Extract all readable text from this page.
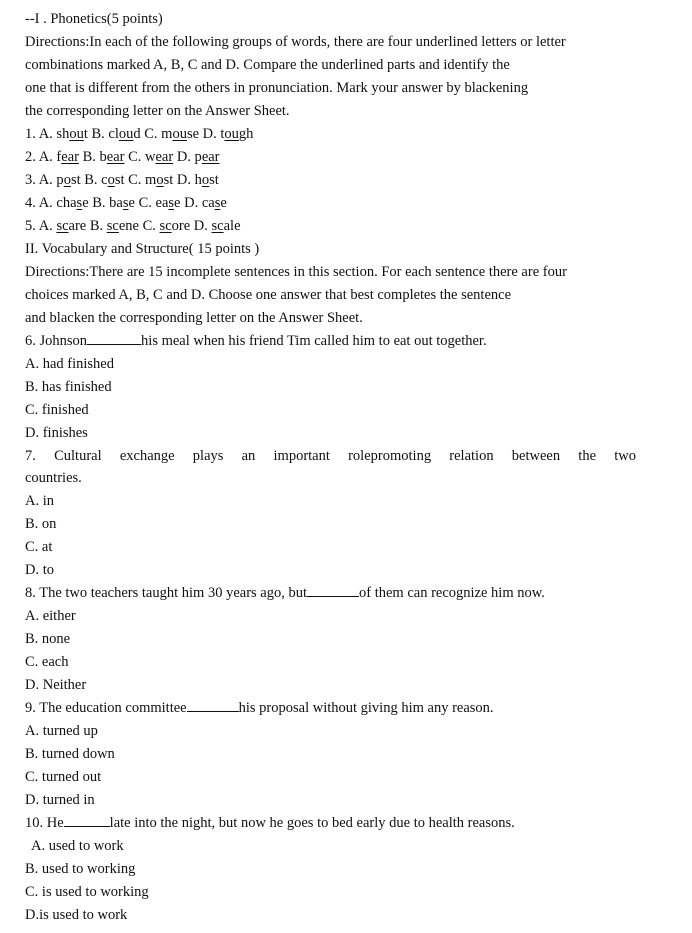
--I . Phonetics(5 points)
Directions:In each of the following groups of words, there are four underlined letters or letter
combinations marked A, B, C and D. Compare the underlined parts and identify the
one that is different from the others in pronunciation. Mark your answer by blackening
the corresponding letter on the Answer Sheet.
1. A. shout B. cloud C. mouse D. tough
2. A. fear B. bear C. wear D. pear
3. A. post B. cost C. most D. host
4. A. chase B. base C. ease D. case
5. A. scare B. scene C. score D. scale
II. Vocabulary and Structure( 15 points )
Directions:There are 15 incomplete sentences in this section. For each sentence there are four
choices marked A, B, C and D. Choose one answer that best completes the sentence
and blacken the corresponding letter on the Answer Sheet.
6. Johnson	his meal when his friend Tim called him to eat out together.
A. had finished
B. has finished
C. finished
D. finishes
7. Cultural exchange plays an important rolepromoting relation between the two
countries.
A. in
B. on
C. at
D. to
8. The two teachers taught him 30 years ago, but	of them can recognize him now.
A. either
B. none
C. each
D. Neither
9. The education committee	his proposal without giving him any reason.
A. turned up
B. turned down
C. turned out
D. turned in
10. He	late into the night, but now he goes to bed early due to health reasons.
A. used to work
B. used to working
C. is used to working
D.is used to work
